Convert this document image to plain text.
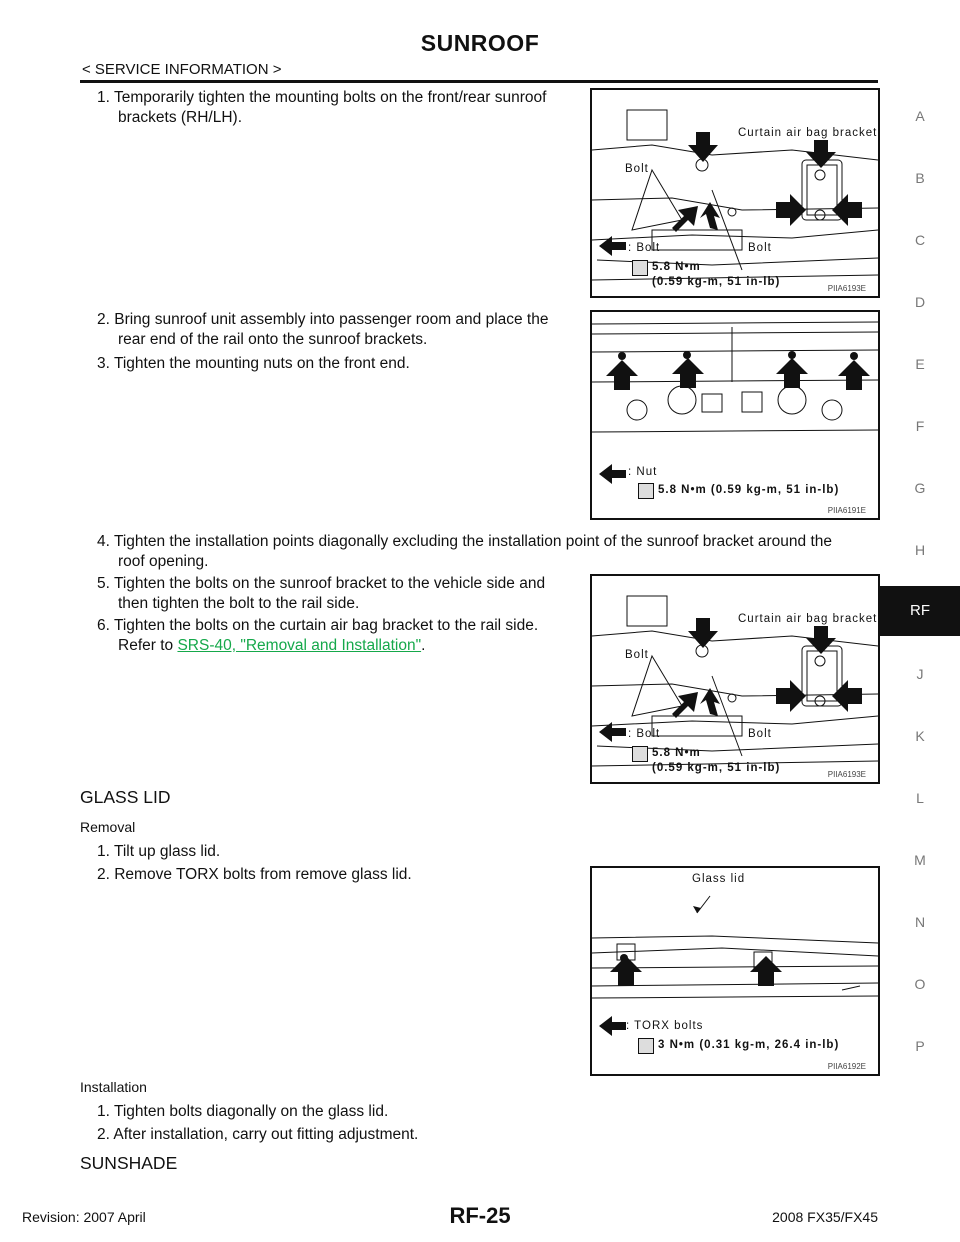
SUNROOF
< SERVICE INFORMATION >
A
B
C
D
E
F
G
H
RF
J
K
L
M
N
O
P
1. Temporarily tighten the mounting bolts on the front/rear sunroof
brackets (RH/LH).
2. Bring sunroof unit assembly into passenger room and place the
rear end of the rail onto the sunroof brackets.
3. Tighten the mounting nuts on the front end.
4. Tighten the installation points diagonally excluding the installation point of the sunroof bracket around the
roof opening.
5. Tighten the bolts on the sunroof bracket to the vehicle side and
then tighten the bolt to the rail side.
6. Tighten the bolts on the curtain air bag bracket to the rail side.
Refer to SRS-40, "Removal and Installation".
Curtain air bag bracket
Bolt
Bolt
: Bolt
5.8 N•m
(0.59 kg-m, 51 in-lb)
PIIA6193E
: Nut
5.8 N•m (0.59 kg-m, 51 in-lb)
PIIA6191E
Curtain air bag bracket
Bolt
Bolt
: Bolt
5.8 N•m
(0.59 kg-m, 51 in-lb)
PIIA6193E
GLASS LID
Removal
1. Tilt up glass lid.
2. Remove TORX bolts from remove glass lid.	Glass lid
: TORX bolts
3 N•m (0.31 kg-m, 26.4 in-lb)
PIIA6192E
Installation
1. Tighten bolts diagonally on the glass lid.
2. After installation, carry out fitting adjustment.
SUNSHADE
Revision: 2007 April	RF-25	2008 FX35/FX45
